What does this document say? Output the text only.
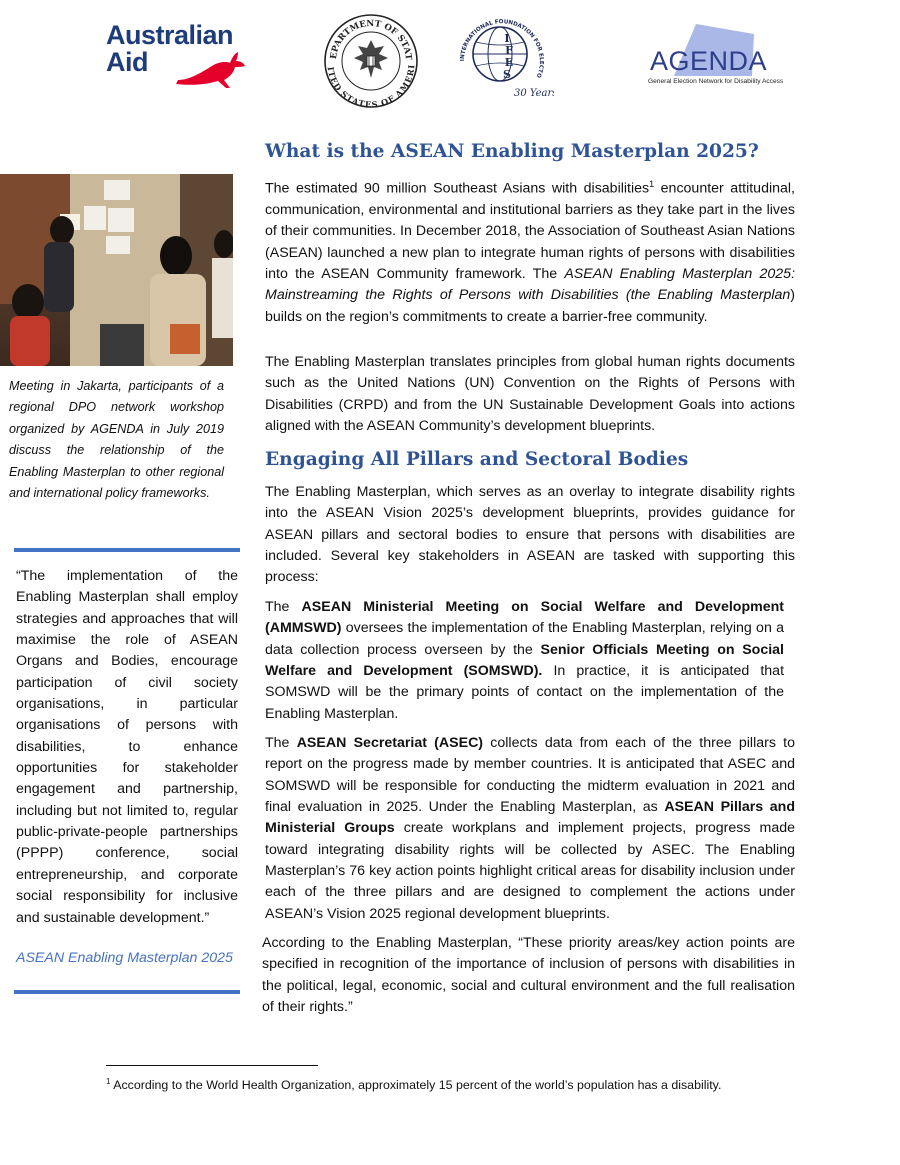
Australian
Aid	EPARTMENT OF STAT
ITED STATES OF AMERI
INTERNATIONAL FOUNDATION FOR ELECTO
I
F
E
S
30 Years
AGENDA
General Election Network for Disability Access
Meeting in Jakarta, participants of a regional DPO network workshop organized by AGENDA in July 2019 discuss the relationship of the Enabling Masterplan to other regional and international policy frameworks.
“The implementation of the Enabling Masterplan shall employ strategies and approaches that will maximise the role of ASEAN Organs and Bodies, encourage participation of civil society organisations, in particular organisations of persons with disabilities, to enhance opportunities for stakeholder engagement and partnership, including but not limited to, regular public-private-people partnerships (PPPP) conference, social entrepreneurship, and corporate social responsibility for inclusive and sustainable development.”
ASEAN Enabling Masterplan 2025
What is the ASEAN Enabling Masterplan 2025?

The estimated 90 million Southeast Asians with disabilities$^1$ encounter attitudinal, communication, environmental and institutional barriers as they take part in the lives of their communities. In December 2018, the Association of Southeast Asian Nations (ASEAN) launched a new plan to integrate human rights of persons with disabilities into the ASEAN Community framework. The ASEAN Enabling Masterplan 2025: Mainstreaming the Rights of Persons with Disabilities (the Enabling Masterplan) builds on the region’s commitments to create a barrier-free community.

The Enabling Masterplan translates principles from global human rights documents such as the United Nations (UN) Convention on the Rights of Persons with Disabilities (CRPD) and from the UN Sustainable Development Goals into actions aligned with the ASEAN Community’s development blueprints.

Engaging All Pillars and Sectoral Bodies

The Enabling Masterplan, which serves as an overlay to integrate disability rights into the ASEAN Vision 2025’s development blueprints, provides guidance for ASEAN pillars and sectoral bodies to ensure that persons with disabilities are included. Several key stakeholders in ASEAN are tasked with supporting this process:

The ASEAN Ministerial Meeting on Social Welfare and Development (AMMSWD) oversees the implementation of the Enabling Masterplan, relying on a data collection process overseen by the Senior Officials Meeting on Social Welfare and Development (SOMSWD). In practice, it is anticipated that SOMSWD will be the primary points of contact on the implementation of the Enabling Masterplan.

The ASEAN Secretariat (ASEC) collects data from each of the three pillars to report on the progress made by member countries. It is anticipated that ASEC and SOMSWD will be responsible for conducting the midterm evaluation in 2021 and final evaluation in 2025. Under the Enabling Masterplan, as ASEAN Pillars and Ministerial Groups create workplans and implement projects, progress made toward integrating disability rights will be collected by ASEC. The Enabling Masterplan’s 76 key action points highlight critical areas for disability inclusion under each of the three pillars and are designed to complement the actions under ASEAN’s Vision 2025 regional development blueprints.

According to the Enabling Masterplan, “These priority areas/key action points are specified in recognition of the importance of inclusion of persons with disabilities in the political, legal, economic, social and cultural environment and the full realisation of their rights.”

$^1$ According to the World Health Organization, approximately 15 percent of the world’s population has a disability.
